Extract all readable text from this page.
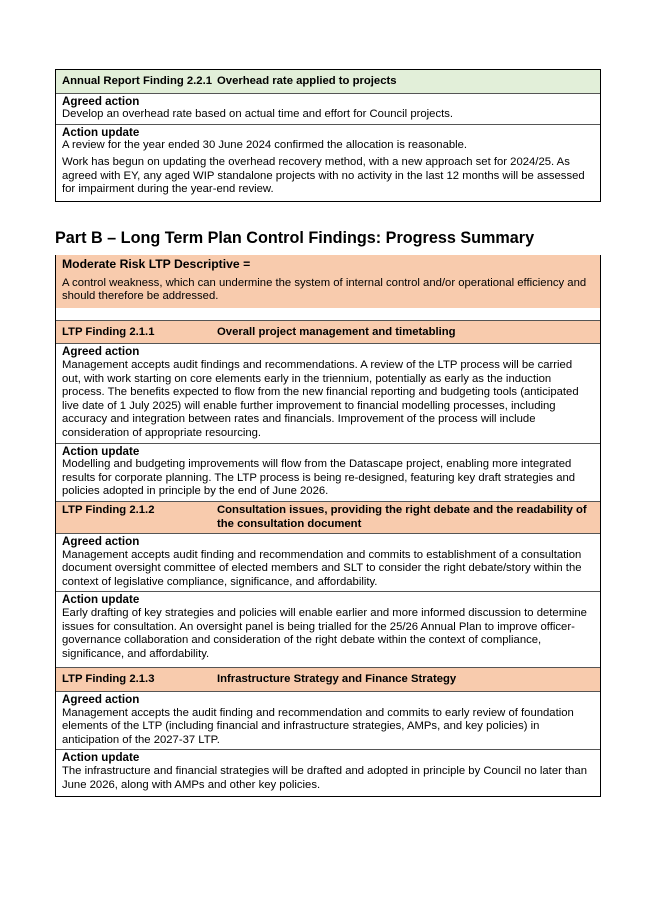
Annual Report Finding 2.2.1 Overhead rate applied to projects
Agreed action
Develop an overhead rate based on actual time and effort for Council projects.
Action update
A review for the year ended 30 June 2024 confirmed the allocation is reasonable.
Work has begun on updating the overhead recovery method, with a new approach set for 2024/25. As agreed with EY, any aged WIP standalone projects with no activity in the last 12 months will be assessed for impairment during the year-end review.
Part B – Long Term Plan Control Findings: Progress Summary
Moderate Risk LTP Descriptive =
A control weakness, which can undermine the system of internal control and/or operational efficiency and should therefore be addressed.
LTP Finding 2.1.1	Overall project management and timetabling
Agreed action
Management accepts audit findings and recommendations. A review of the LTP process will be carried out, with work starting on core elements early in the triennium, potentially as early as the induction process. The benefits expected to flow from the new financial reporting and budgeting tools (anticipated live date of 1 July 2025) will enable further improvement to financial modelling processes, including accuracy and integration between rates and financials. Improvement of the process will include consideration of appropriate resourcing.
Action update
Modelling and budgeting improvements will flow from the Datascape project, enabling more integrated results for corporate planning. The LTP process is being re-designed, featuring key draft strategies and policies adopted in principle by the end of June 2026.
LTP Finding 2.1.2	Consultation issues, providing the right debate and the readability of the consultation document
Agreed action
Management accepts audit finding and recommendation and commits to establishment of a consultation document oversight committee of elected members and SLT to consider the right debate/story within the context of legislative compliance, significance, and affordability.
Action update
Early drafting of key strategies and policies will enable earlier and more informed discussion to determine issues for consultation. An oversight panel is being trialled for the 25/26 Annual Plan to improve officer-governance collaboration and consideration of the right debate within the context of compliance, significance, and affordability.
LTP Finding 2.1.3	Infrastructure Strategy and Finance Strategy
Agreed action
Management accepts the audit finding and recommendation and commits to early review of foundation elements of the LTP (including financial and infrastructure strategies, AMPs, and key policies) in anticipation of the 2027-37 LTP.
Action update
The infrastructure and financial strategies will be drafted and adopted in principle by Council no later than June 2026, along with AMPs and other key policies.
